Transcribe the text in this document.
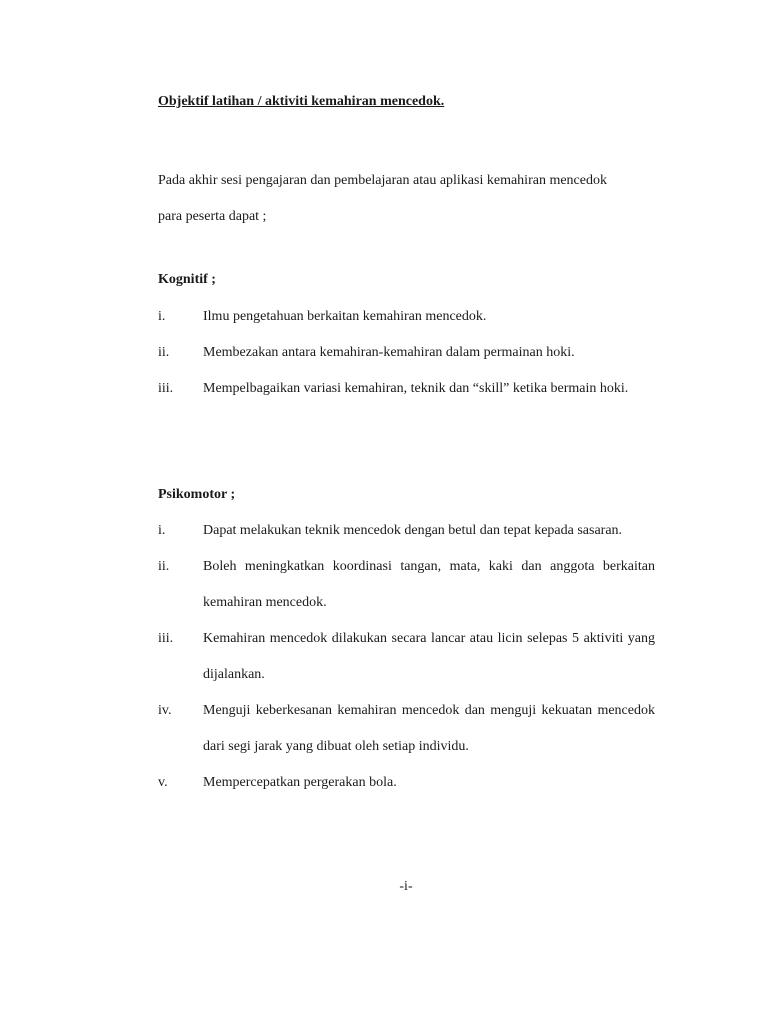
Objektif latihan / aktiviti kemahiran mencedok.
Pada akhir sesi pengajaran dan pembelajaran atau aplikasi kemahiran mencedok
para peserta dapat ;
Kognitif ;
i.	Ilmu pengetahuan berkaitan kemahiran mencedok.
ii.	Membezakan antara kemahiran-kemahiran dalam permainan hoki.
iii.	Mempelbagaikan variasi kemahiran, teknik dan “skill” ketika bermain hoki.
Psikomotor ;
i.	Dapat melakukan teknik mencedok dengan betul dan tepat kepada sasaran.
ii.	Boleh meningkatkan koordinasi tangan, mata, kaki dan anggota berkaitan kemahiran mencedok.
iii.	Kemahiran mencedok dilakukan secara lancar atau licin selepas 5 aktiviti yang dijalankan.
iv.	Menguji keberkesanan kemahiran mencedok dan menguji kekuatan mencedok dari segi jarak yang dibuat oleh setiap individu.
v.	Mempercepatkan pergerakan bola.
-i-
